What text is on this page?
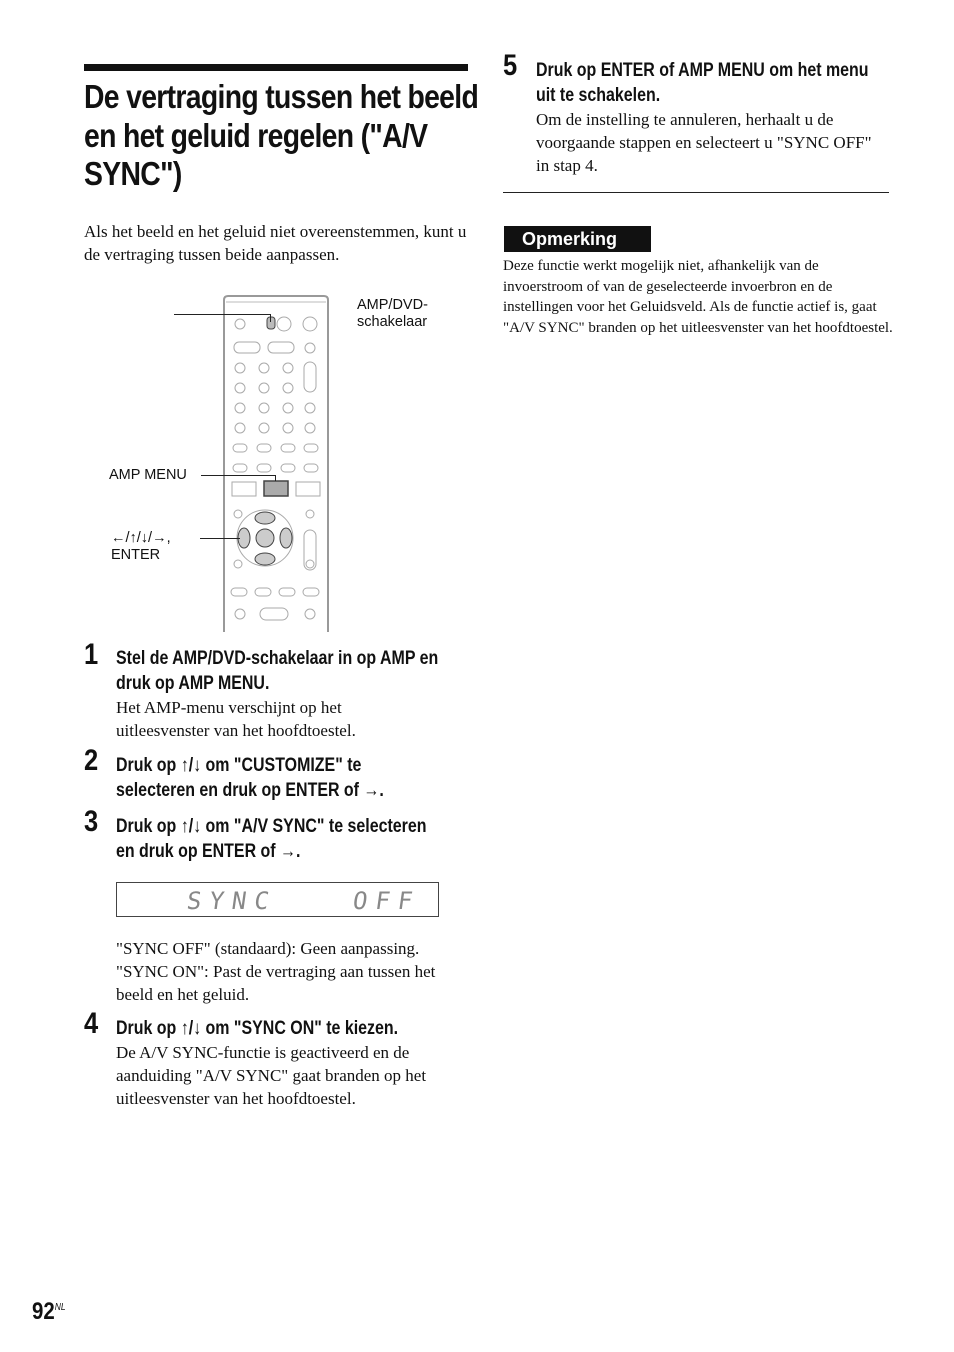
De vertraging tussen het beeld en het geluid regelen ("A/V SYNC")

Als het beeld en het geluid niet overeenstemmen, kunt u de vertraging tussen beide aanpassen.

AMP/DVD-
schakelaar
AMP MENU
←/↑/↓/→,
ENTER
1 Stel de AMP/DVD-schakelaar in op AMP en
druk op AMP MENU.

Het AMP-menu verschijnt op het uitleesvenster van het hoofdtoestel.

2 Druk op ↑/↓ om "CUSTOMIZE" te
selecteren en druk op ENTER of →.
3 Druk op ↑/↓ om "A/V SYNC" te selecteren
en druk op ENTER of →.
SYNC	OFF
"SYNC OFF" (standaard): Geen aanpassing.
"SYNC ON": Past de vertraging aan tussen het beeld en het geluid.
4 Druk op ↑/↓ om "SYNC ON" te kiezen.

De A/V SYNC-functie is geactiveerd en de aanduiding "A/V SYNC" gaat branden op het uitleesvenster van het hoofdtoestel.

5 Druk op ENTER of AMP MENU om het menu
uit te schakelen.

Om de instelling te annuleren, herhaalt u de voorgaande stappen en selecteert u "SYNC OFF" in stap 4.

Opmerking

Deze functie werkt mogelijk niet, afhankelijk van de invoerstroom of van de geselecteerde invoerbron en de instellingen voor het Geluidsveld. Als de functie actief is, gaat "A/V SYNC" branden op het uitleesvenster van het hoofdtoestel.

$92^{NL}$
